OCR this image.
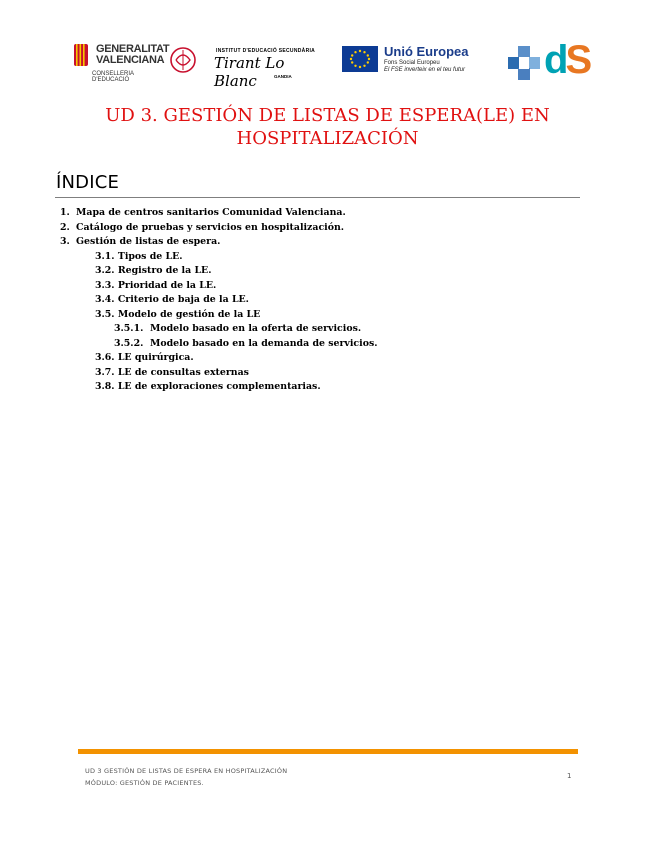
GENERALITAT
VALENCIANA
CONSELLERIA D'EDUCACIÓ
INSTITUT D'EDUCACIÓ SECUNDÀRIA
Tirant Lo Blanc	GANDIA
Unió Europea
Fons Social Europeu
El FSE inverteix en el teu futur dS
UD 3. GESTIÓN DE LISTAS DE ESPERA(LE) EN
HOSPITALIZACIÓN
ÍNDICE
1. Mapa de centros sanitarios Comunidad Valenciana.
2. Catálogo de pruebas y servicios en hospitalización.
3. Gestión de listas de espera.
3.1. Tipos de LE.
3.2. Registro de la LE.
3.3. Prioridad de la LE.
3.4. Criterio de baja de la LE.
3.5. Modelo de gestión de la LE
3.5.1. Modelo basado en la oferta de servicios.
3.5.2. Modelo basado en la demanda de servicios.
3.6. LE quirúrgica.
3.7. LE de consultas externas
3.8. LE de exploraciones complementarias.
UD 3 GESTIÓN DE LISTAS DE ESPERA EN HOSPITALIZACIÓN
MÓDULO: GESTIÓN DE PACIENTES.
1
